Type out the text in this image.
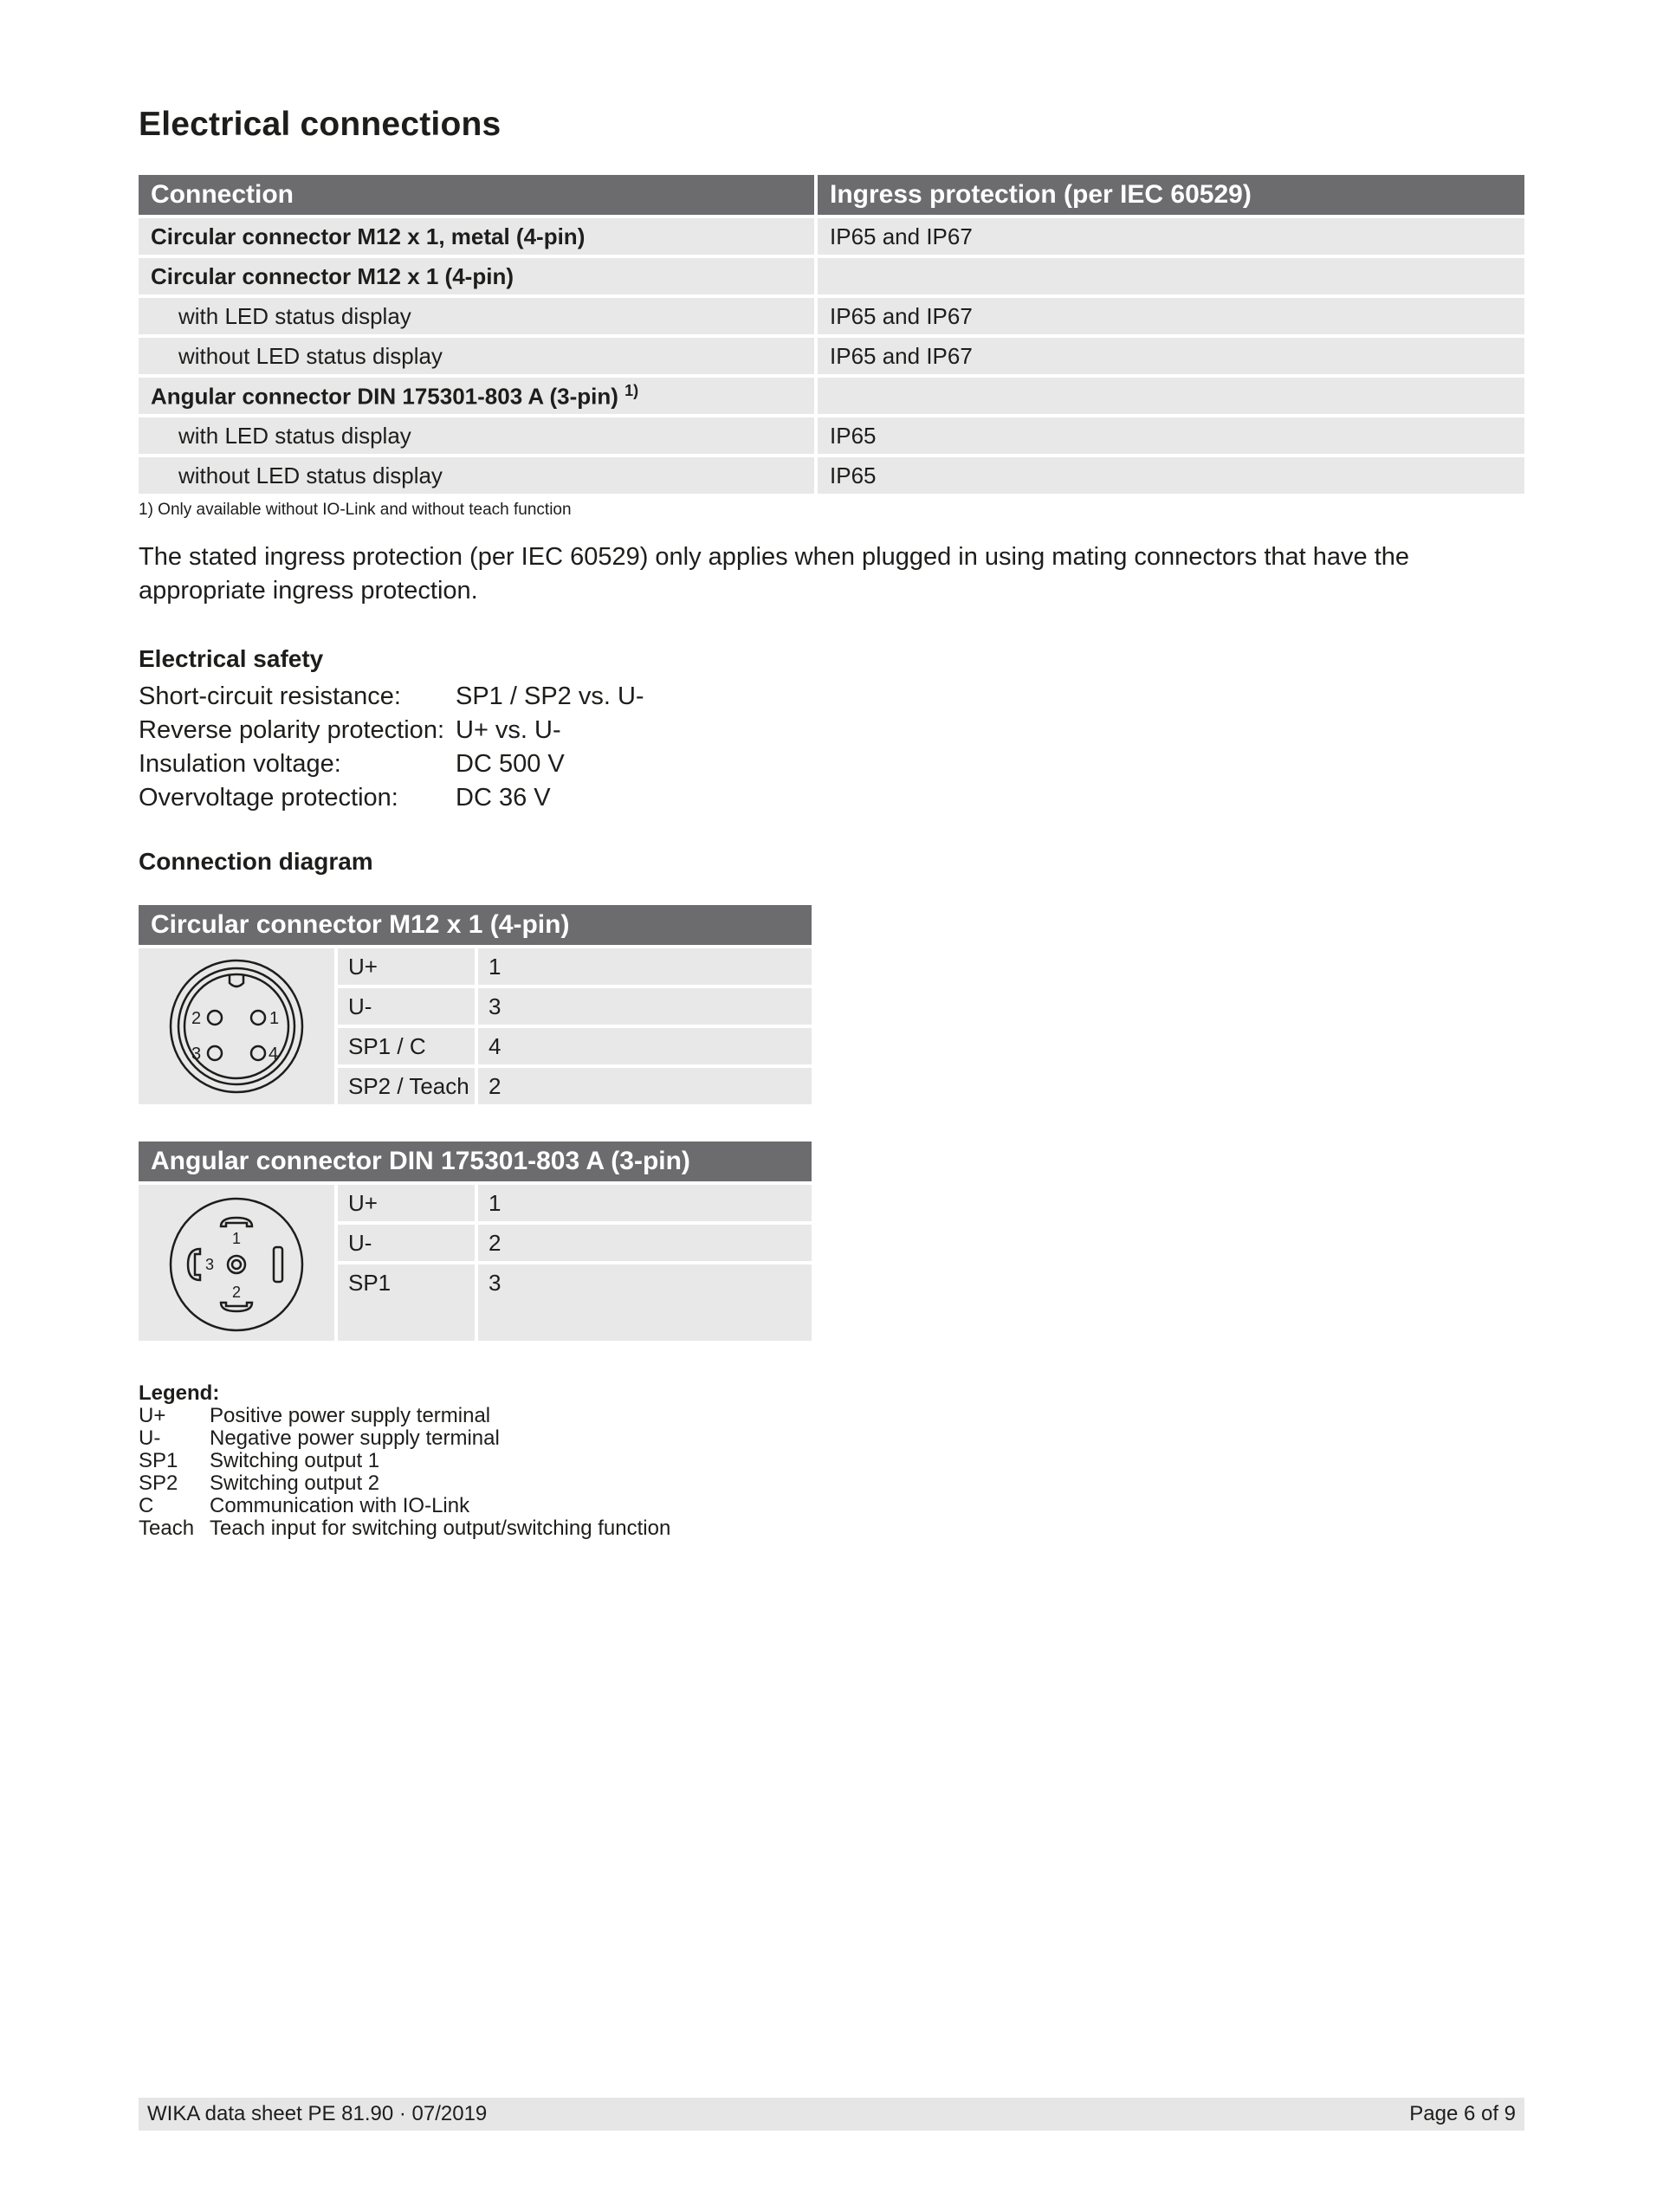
Electrical connections
Connection	Ingress protection (per IEC 60529)
Circular connector M12 x 1, metal (4-pin)	IP65 and IP67
Circular connector M12 x 1 (4-pin)	
with LED status display	IP65 and IP67
without LED status display	IP65 and IP67
Angular connector DIN 175301-803 A (3-pin) $^{1)}$	
with LED status display	IP65
without LED status display	IP65
1) Only available without IO-Link and without teach function
The stated ingress protection (per IEC 60529) only applies when plugged in using mating connectors that have the appropriate ingress protection.
Electrical safety
Short-circuit resistance:	SP1 / SP2 vs. U-
Reverse polarity protection: U+ vs. U-
Insulation voltage:	DC 500 V
Overvoltage protection:	DC 36 V
Connection diagram
Circular connector M12 x 1 (4-pin)
1
2
3	4
U+	1
U-	3
SP1 / C	4
SP2 / Teach 2
Angular connector DIN 175301-803 A (3-pin)
1
2
3
U+	1
U-	2
SP1	3
Legend:
U+	Positive power supply terminal
U-	Negative power supply terminal
SP1	Switching output 1
SP2	Switching output 2
C	Communication with IO-Link
Teach Teach input for switching output/switching function
WIKA data sheet PE 81.90 · 07/2019	Page 6 of 9
